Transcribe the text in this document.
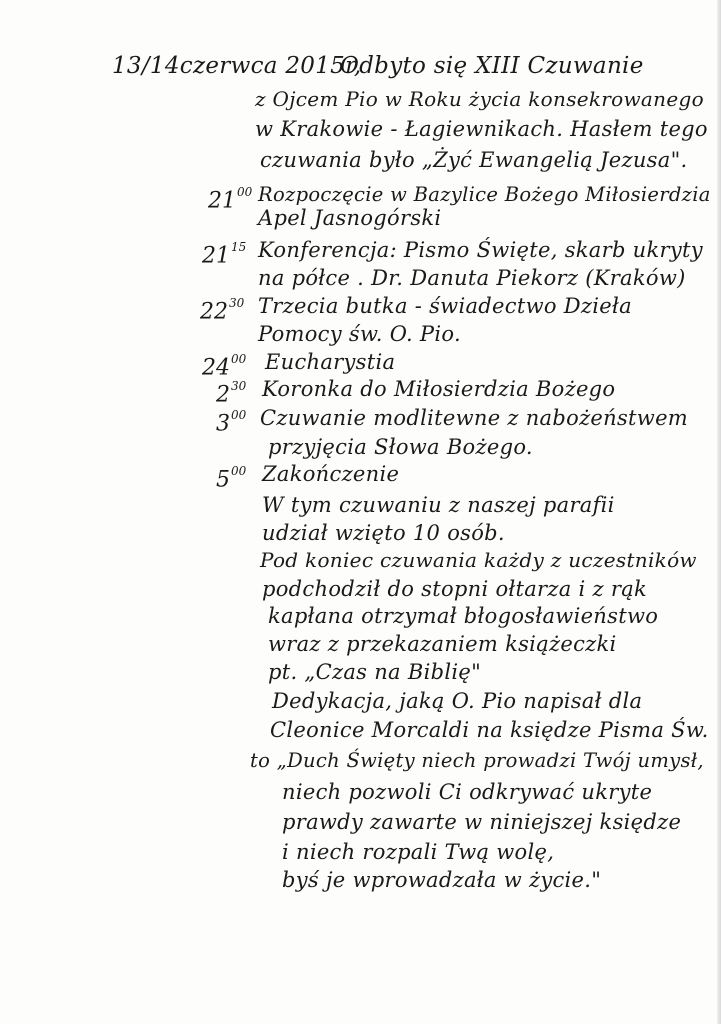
13/14czerwca 2015r,
Odbyto się XIII Czuwanie
z Ojcem Pio w Roku życia konsekrowanego
w Krakowie - Łagiewnikach. Hasłem tego
czuwania było „Żyć Ewangelią Jezusa".
$21^{00}$ Rozpoczęcie w Bazylice Bożego Miłosierdzia
Apel Jasnogórski
$21^{15}$ Konferencja: Pismo Święte, skarb ukryty
na półce . Dr. Danuta Piekorz (Kraków)
$22^{30}$ Trzecia butka - świadectwo Dzieła
Pomocy św. O. Pio.
$24^{00}$ Eucharystia
$2^{30}$ Koronka do Miłosierdzia Bożego
$3^{00}$ Czuwanie modlitewne z nabożeństwem
przyjęcia Słowa Bożego.
$5^{00}$ Zakończenie
W tym czuwaniu z naszej parafii
udział wzięto 10 osób.
Pod koniec czuwania każdy z uczestników
podchodził do stopni ołtarza i z rąk
kapłana otrzymał błogosławieństwo
wraz z przekazaniem książeczki
pt. „Czas na Biblię"
Dedykacja, jaką O. Pio napisał dla
Cleonice Morcaldi na księdze Pisma Św.
to „Duch Święty niech prowadzi Twój umysł,
niech pozwoli Ci odkrywać ukryte
prawdy zawarte w niniejszej księdze
i niech rozpali Twą wolę,
byś je wprowadzała w życie."
